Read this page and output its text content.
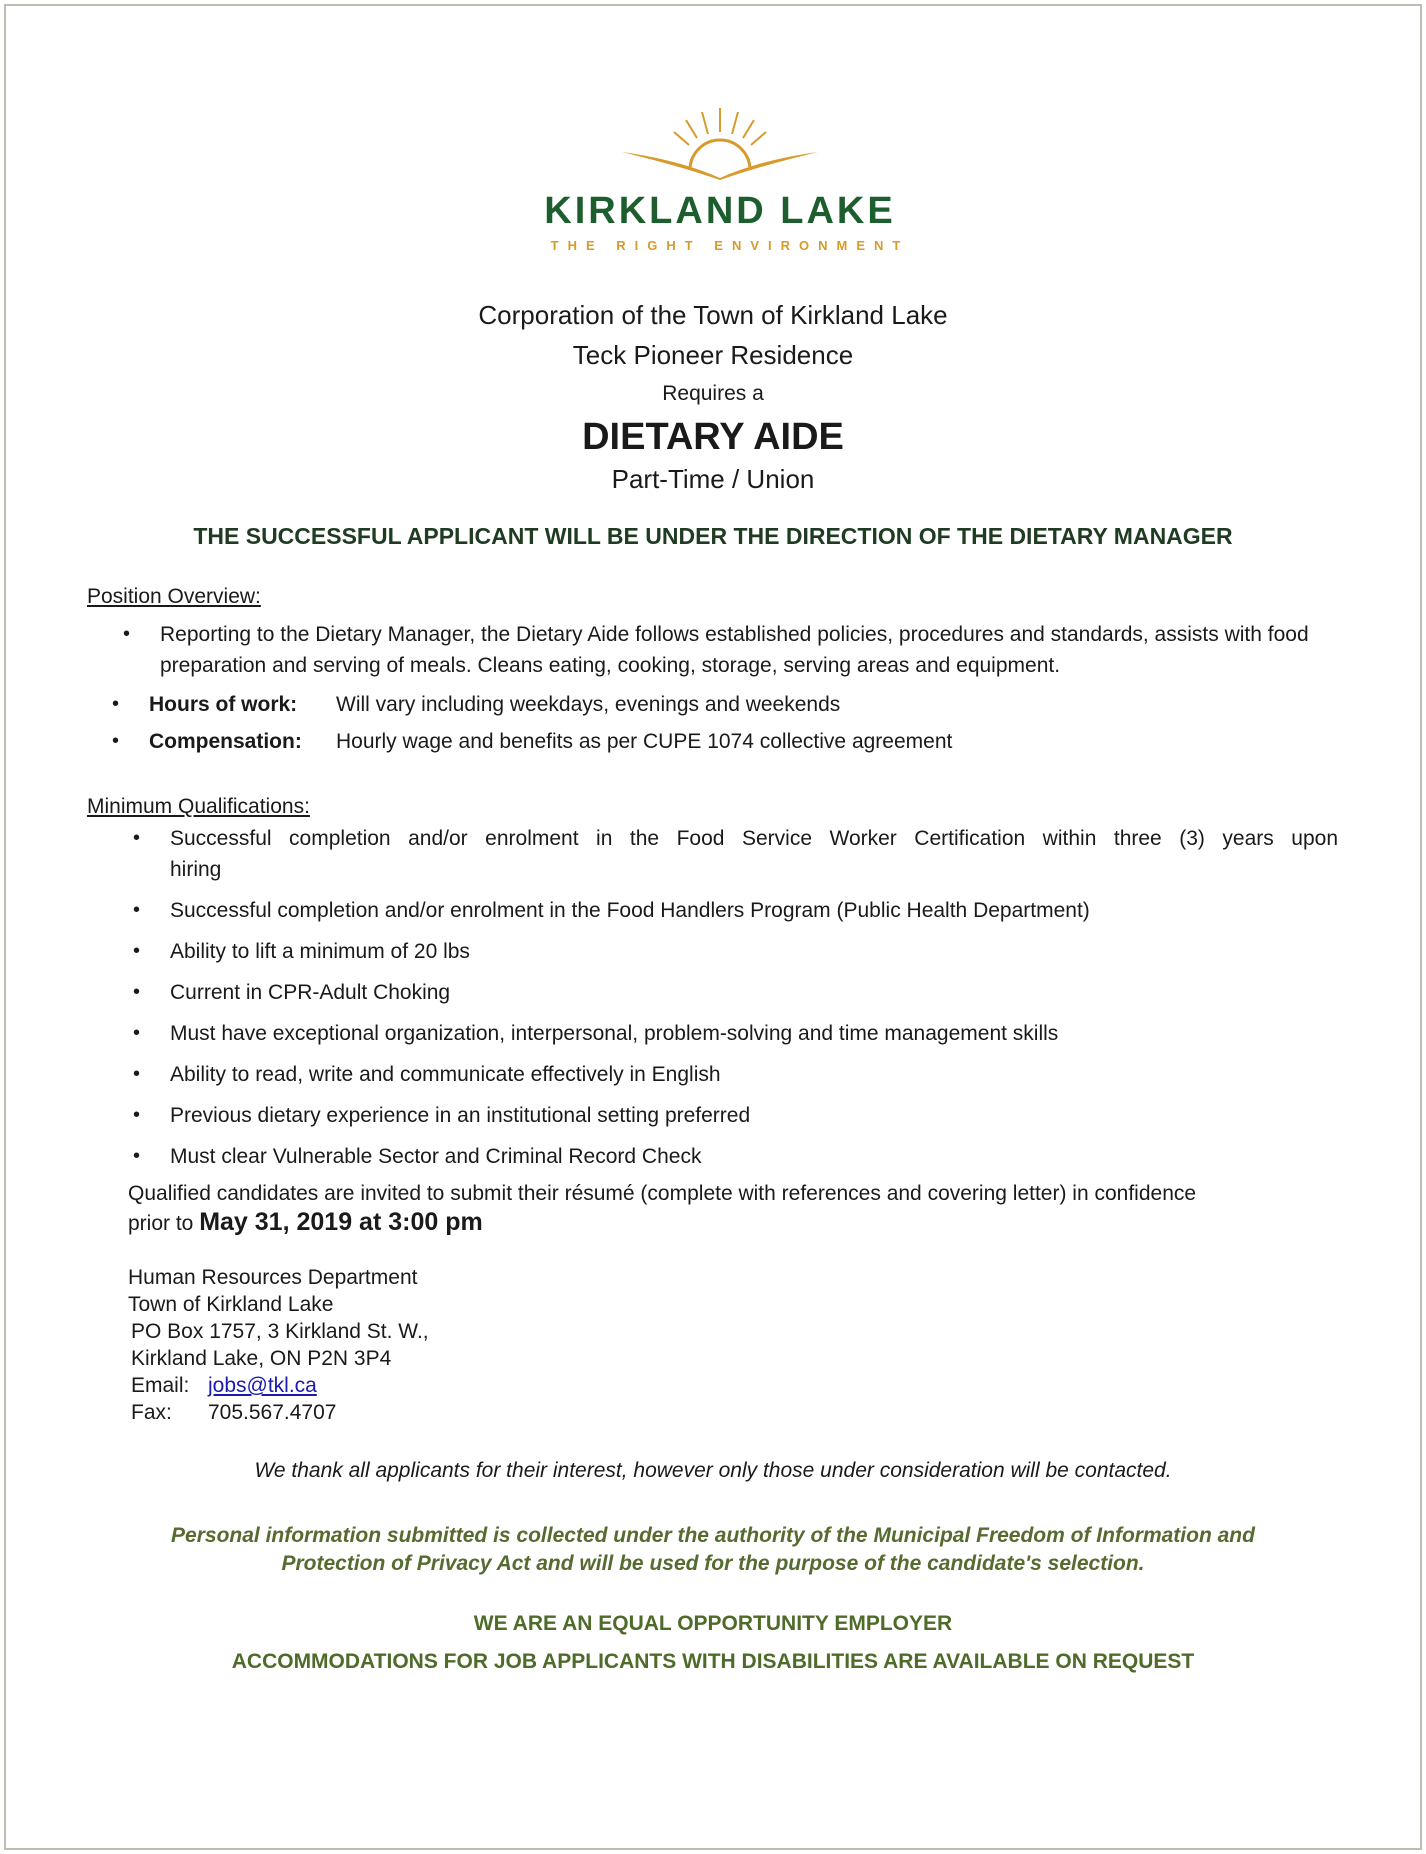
KIRKLAND LAKE
THE RIGHT ENVIRONMENT
Corporation of the Town of Kirkland Lake
Teck Pioneer Residence
Requires a
DIETARY AIDE
Part-Time / Union
THE SUCCESSFUL APPLICANT WILL BE UNDER THE DIRECTION OF THE DIETARY MANAGER
Position Overview:
• Reporting to the Dietary Manager, the Dietary Aide follows established policies, procedures and standards, assists with food preparation and serving of meals. Cleans eating, cooking, storage, serving areas and equipment.
• Hours of work: Will vary including weekdays, evenings and weekends
• Compensation: Hourly wage and benefits as per CUPE 1074 collective agreement
Minimum Qualifications:
• Successful completion and/or enrolment in the Food Service Worker Certification within three (3) years upon
hiring
• Successful completion and/or enrolment in the Food Handlers Program (Public Health Department)
• Ability to lift a minimum of 20 lbs
• Current in CPR-Adult Choking
• Must have exceptional organization, interpersonal, problem-solving and time management skills
• Ability to read, write and communicate effectively in English
• Previous dietary experience in an institutional setting preferred
• Must clear Vulnerable Sector and Criminal Record Check
Qualified candidates are invited to submit their résumé (complete with references and covering letter) in confidence
prior to May 31, 2019 at 3:00 pm
Human Resources Department
Town of Kirkland Lake
PO Box 1757, 3 Kirkland St. W.,
Kirkland Lake, ON P2N 3P4
Email: jobs@tkl.ca
Fax:	705.567.4707
We thank all applicants for their interest, however only those under consideration will be contacted.
Personal information submitted is collected under the authority of the Municipal Freedom of Information and
Protection of Privacy Act and will be used for the purpose of the candidate's selection.
WE ARE AN EQUAL OPPORTUNITY EMPLOYER
ACCOMMODATIONS FOR JOB APPLICANTS WITH DISABILITIES ARE AVAILABLE ON REQUEST
